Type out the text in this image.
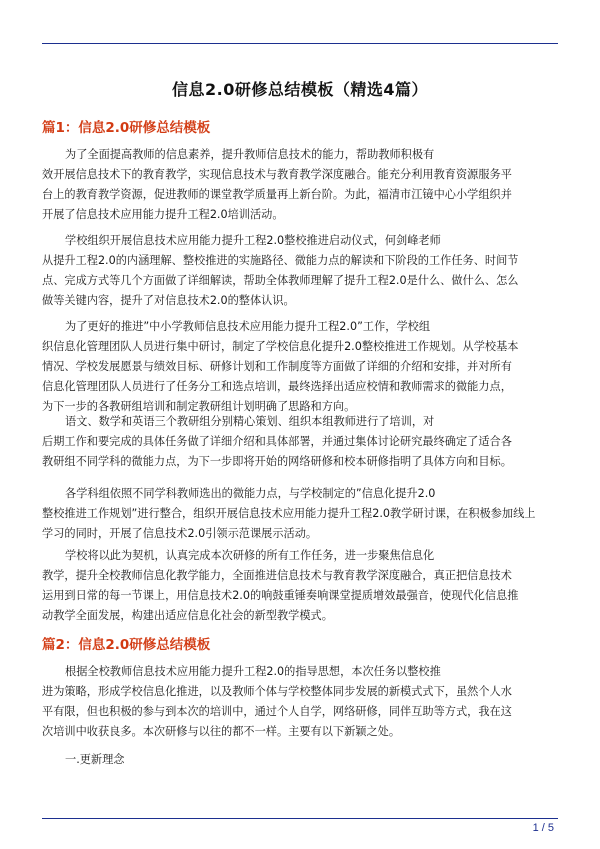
信息2.0研修总结模板（精选4篇）
篇1：信息2.0研修总结模板
为了全面提高教师的信息素养，提升教师信息技术的能力，帮助教师积极有
效开展信息技术下的教育教学，实现信息技术与教育教学深度融合。能充分利用教育资源服务平
台上的教育教学资源，促进教师的课堂教学质量再上新台阶。为此，福清市江镜中心小学组织并
开展了信息技术应用能力提升工程2.0培训活动。
学校组织开展信息技术应用能力提升工程2.0整校推进启动仪式，何剑峰老师
从提升工程2.0的内涵理解、整校推进的实施路径、微能力点的解读和下阶段的工作任务、时间节
点、完成方式等几个方面做了详细解读，帮助全体教师理解了提升工程2.0是什么、做什么、怎么
做等关键内容，提升了对信息技术2.0的整体认识。
为了更好的推进”中小学教师信息技术应用能力提升工程2.0”工作，学校组
织信息化管理团队人员进行集中研讨，制定了学校信息化提升2.0整校推进工作规划。从学校基本
情况、学校发展愿景与绩效目标、研修计划和工作制度等方面做了详细的介绍和安排，并对所有
信息化管理团队人员进行了任务分工和选点培训，最终选择出适应校情和教师需求的微能力点，
为下一步的各教研组培训和制定教研组计划明确了思路和方向。
语文、数学和英语三个教研组分别精心策划、组织本组教师进行了培训，对
后期工作和要完成的具体任务做了详细介绍和具体部署，并通过集体讨论研究最终确定了适合各
教研组不同学科的微能力点，为下一步即将开始的网络研修和校本研修指明了具体方向和目标。
各学科组依照不同学科教师选出的微能力点，与学校制定的”信息化提升2.0
整校推进工作规划”进行整合，组织开展信息技术应用能力提升工程2.0教学研讨课，在积极参加线上
学习的同时，开展了信息技术2.0引领示范课展示活动。
学校将以此为契机，认真完成本次研修的所有工作任务，进一步聚焦信息化
教学，提升全校教师信息化教学能力，全面推进信息技术与教育教学深度融合，真正把信息技术
运用到日常的每一节课上，用信息技术2.0的响鼓重锤奏响课堂提质增效最强音，使现代化信息推
动教学全面发展，构建出适应信息化社会的新型教学模式。
篇2：信息2.0研修总结模板
根据全校教师信息技术应用能力提升工程2.0的指导思想，本次任务以整校推
进为策略，形成学校信息化推进，以及教师个体与学校整体同步发展的新模式式下，虽然个人水
平有限，但也积极的参与到本次的培训中，通过个人自学，网络研修，同伴互助等方式，我在这
次培训中收获良多。本次研修与以往的都不一样。主要有以下新颖之处。
一.更新理念
1 / 5
